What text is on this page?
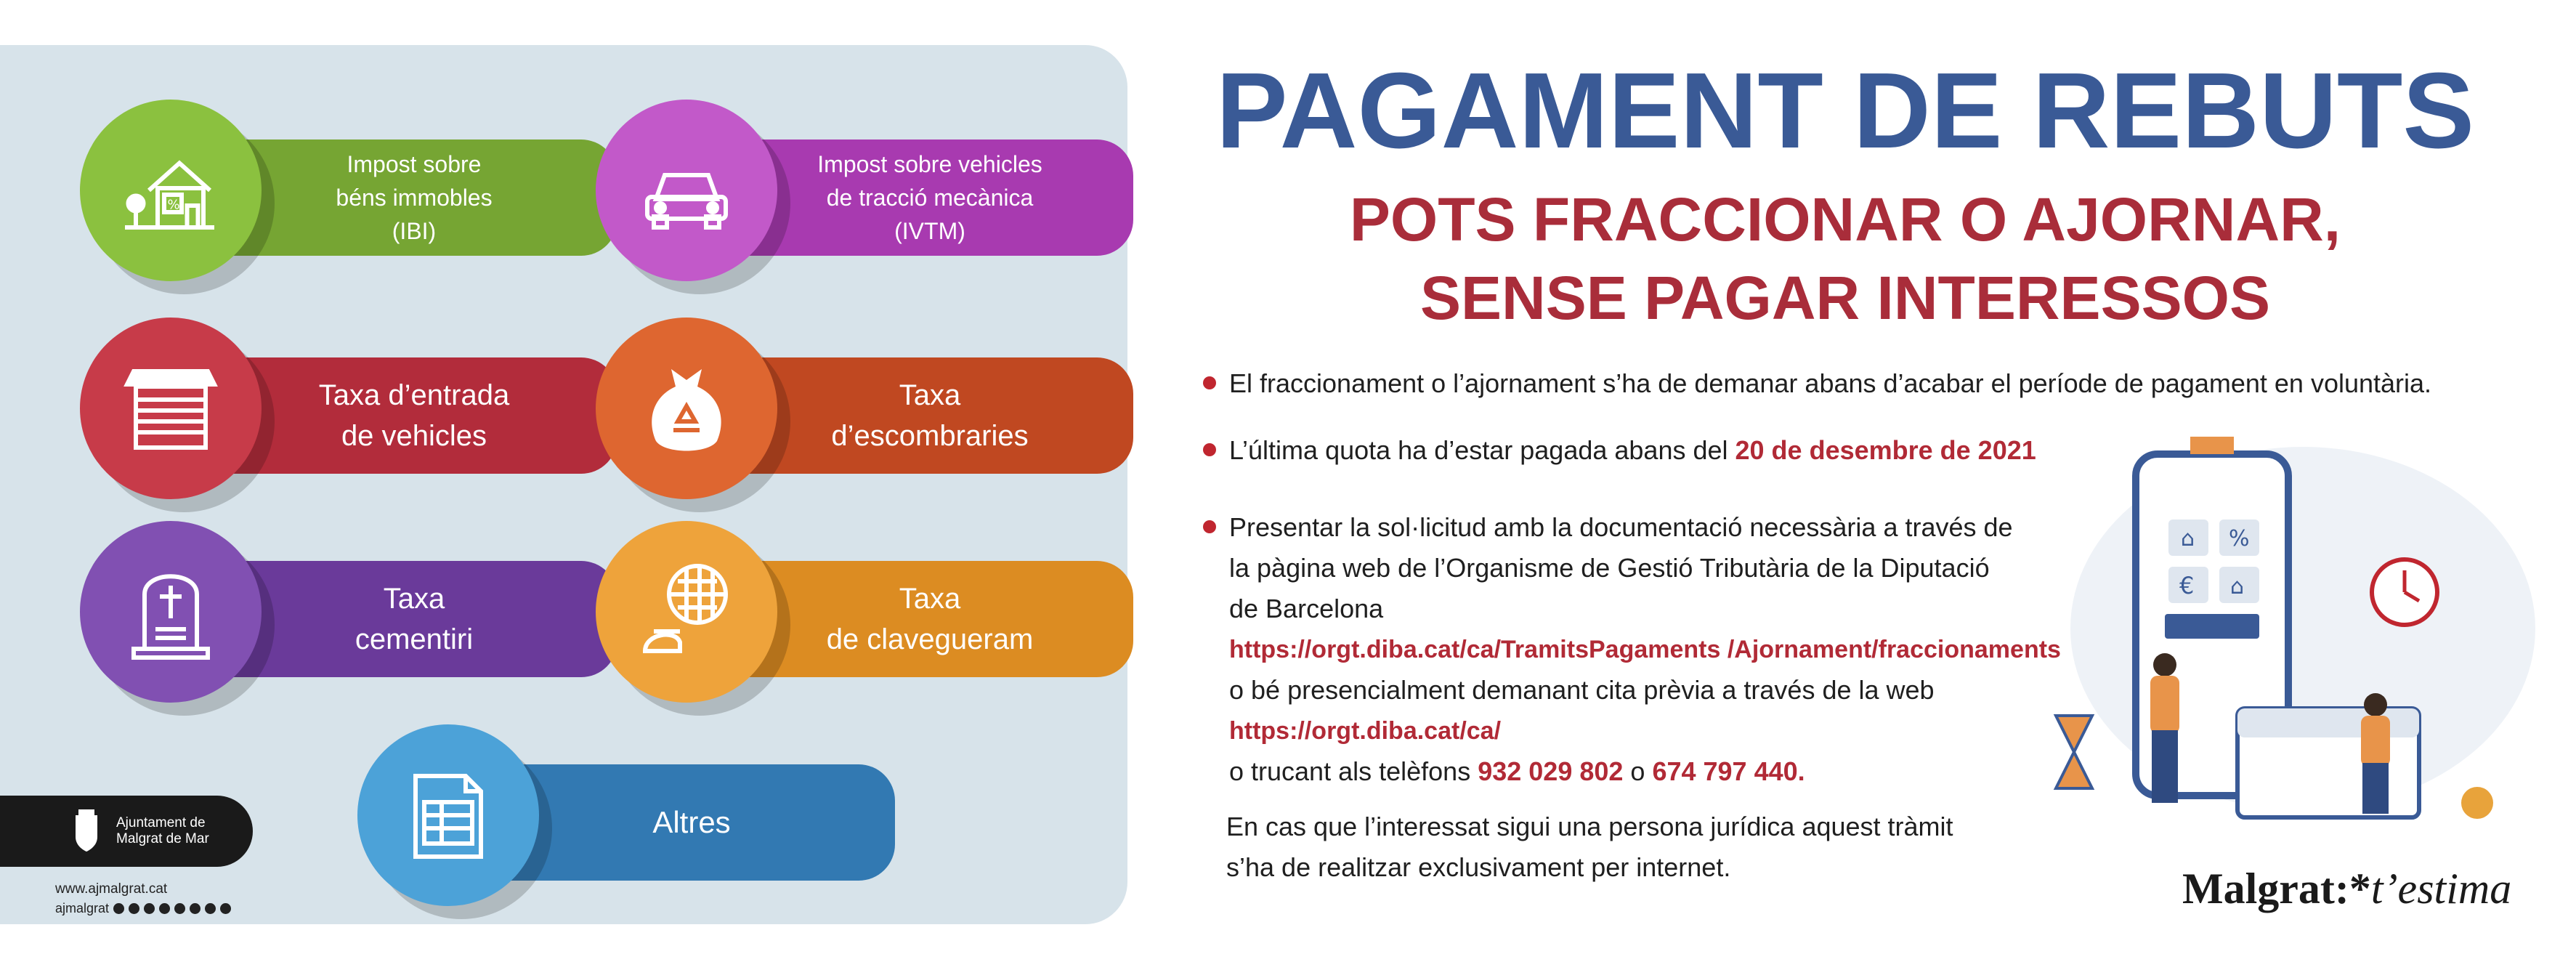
Impost sobre
béns immobles
(IBI)
%
Impost sobre vehicles
de tracció mecànica
(IVTM)
Taxa d’entrada
de vehicles
Taxa
d’escombraries
Taxa
cementiri
Taxa
de clavegueram
Altres
Ajuntament de
Malgrat de Mar
www.ajmalgrat.cat
ajmalgrat
PAGAMENT DE REBUTS
POTS FRACCIONAR O AJORNAR,
SENSE PAGAR INTERESSOS
El fraccionament o l’ajornament s’ha de demanar abans d’acabar el període de pagament en voluntària.
L’última quota ha d’estar pagada abans del 20 de desembre de 2021
Presentar la sol·licitud amb la documentació necessària a través de
la pàgina web de l’Organisme de Gestió Tributària de la Diputació
de Barcelona
https://orgt.diba.cat/ca/TramitsPagaments /Ajornament/fraccionaments
o bé presencialment demanant cita prèvia a través de la web
https://orgt.diba.cat/ca/
o trucant als telèfons 932 029 802 o 674 797 440.
En cas que l’interessat sigui una persona jurídica aquest tràmit
s’ha de realitzar exclusivament per internet.
⌂ %
€ ⌂
Malgrat:*t’estima
